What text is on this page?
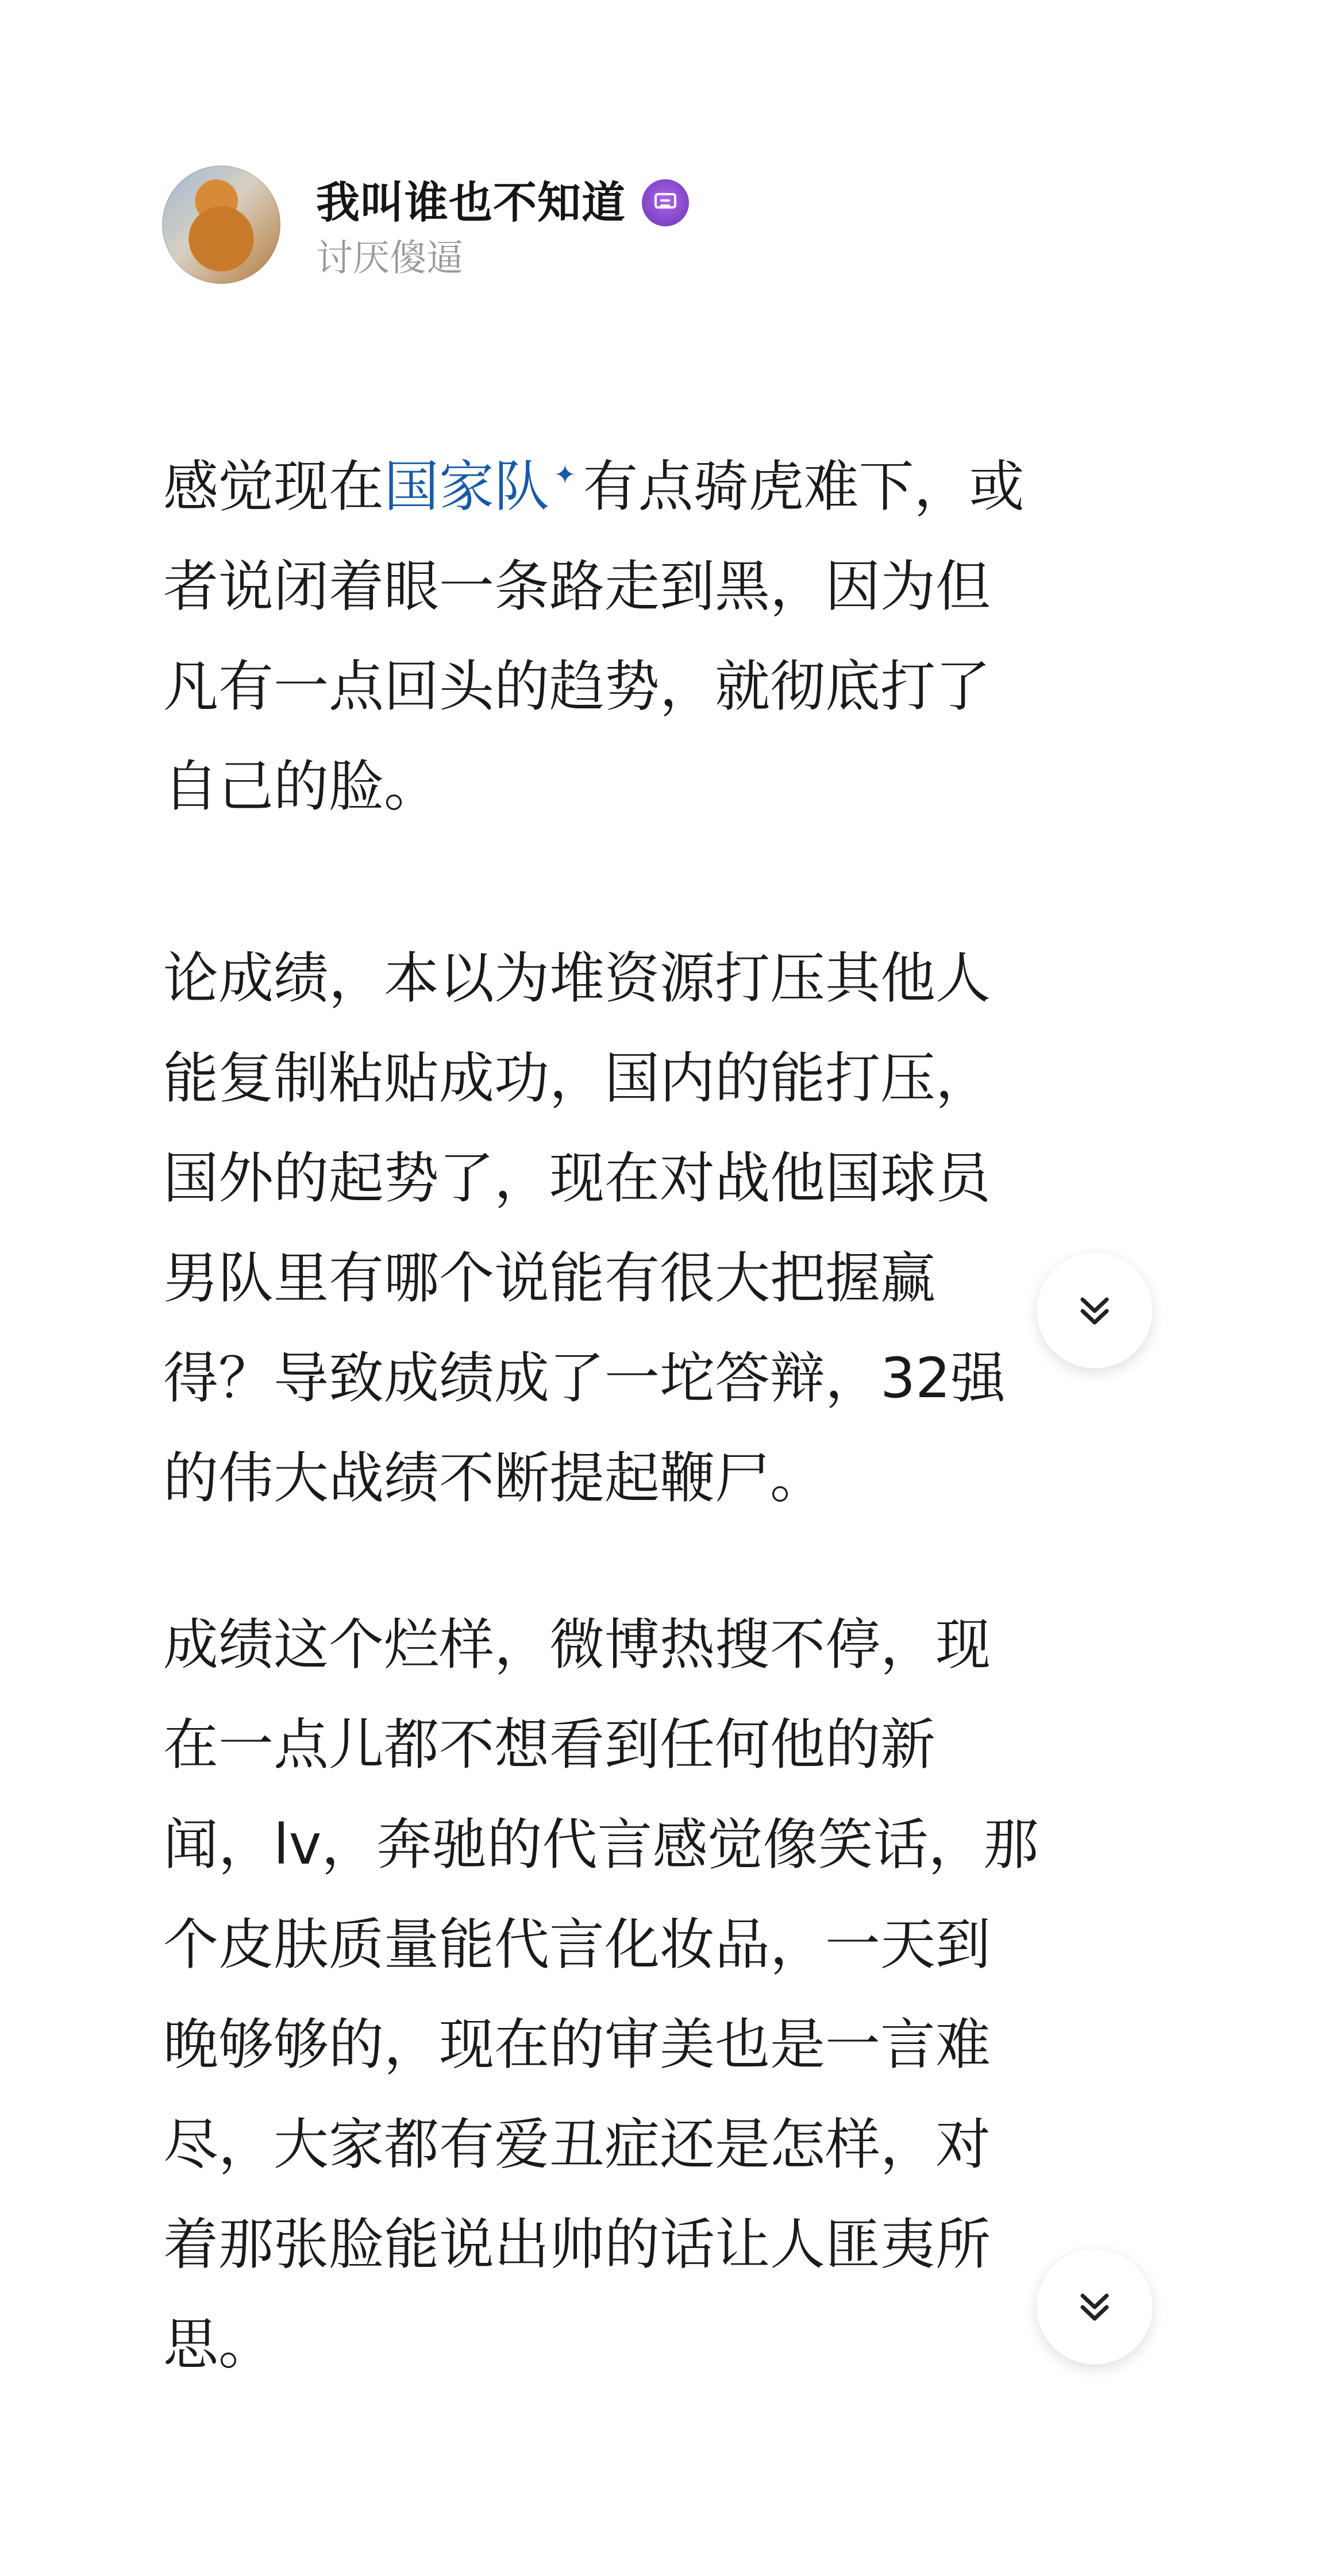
我叫谁也不知道
讨厌傻逼

感觉现在国家队 ✦ 有点骑虎难下，或
者说闭着眼一条路走到黑，因为但
凡有一点回头的趋势，就彻底打了
自己的脸。

论成绩，本以为堆资源打压其他人
能复制粘贴成功，国内的能打压，
国外的起势了，现在对战他国球员
男队里有哪个说能有很大把握赢
得？导致成绩成了一坨答辩，32强
的伟大战绩不断提起鞭尸。

成绩这个烂样，微博热搜不停，现
在一点儿都不想看到任何他的新
闻，lv，奔驰的代言感觉像笑话，那
个皮肤质量能代言化妆品，一天到
晚够够的，现在的审美也是一言难
尽，大家都有爱丑症还是怎样，对
着那张脸能说出帅的话让人匪夷所
思。
